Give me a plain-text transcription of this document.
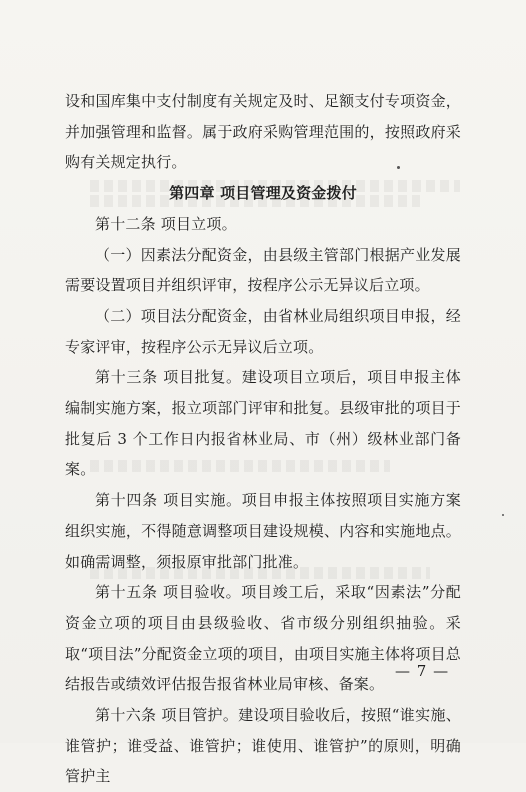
设和国库集中支付制度有关规定及时、足额支付专项资金，并加强管理和监督。属于政府采购管理范围的，按照政府采购有关规定执行。

第四章 项目管理及资金拨付

第十二条 项目立项。

（一）因素法分配资金，由县级主管部门根据产业发展需要设置项目并组织评审，按程序公示无异议后立项。

（二）项目法分配资金，由省林业局组织项目申报，经专家评审，按程序公示无异议后立项。

第十三条 项目批复。建设项目立项后，项目申报主体编制实施方案，报立项部门评审和批复。县级审批的项目于批复后 3 个工作日内报省林业局、市（州）级林业部门备案。

第十四条 项目实施。项目申报主体按照项目实施方案组织实施，不得随意调整项目建设规模、内容和实施地点。如确需调整，须报原审批部门批准。

第十五条 项目验收。项目竣工后，采取“因素法”分配资金立项的项目由县级验收、省市级分别组织抽验。采取“项目法”分配资金立项的项目，由项目实施主体将项目总结报告或绩效评估报告报省林业局审核、备案。

第十六条 项目管护。建设项目验收后，按照“谁实施、谁管护；谁受益、谁管护；谁使用、谁管护”的原则，明确管护主

— 7 —
